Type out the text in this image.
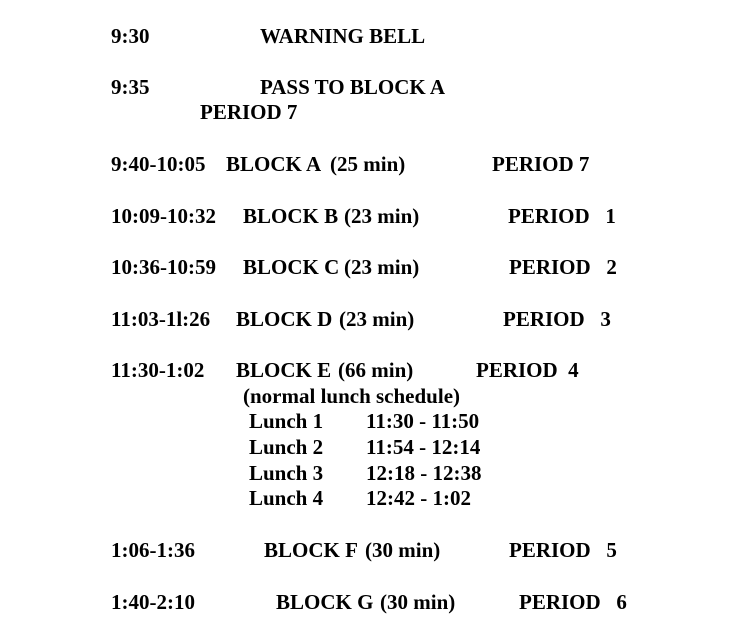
9:30	WARNING BELL
9:35	PASS TO BLOCK A
PERIOD 7
9:40-10:05 BLOCK A (25 min)	PERIOD 7
10:09-10:32 BLOCK B (23 min)	PERIOD   1
10:36-10:59 BLOCK C (23 min)	PERIOD   2
11:03-1l:26 BLOCK D (23 min)	PERIOD   3
11:30-1:02 BLOCK E (66 min)	PERIOD  4
(normal lunch schedule)
Lunch 1 11:30 - 11:50
Lunch 2 11:54 - 12:14
Lunch 3 12:18 - 12:38
Lunch 4 12:42 - 1:02
1:06-1:36	BLOCK F (30 min)	PERIOD   5
1:40-2:10	BLOCK G (30 min)	PERIOD   6
